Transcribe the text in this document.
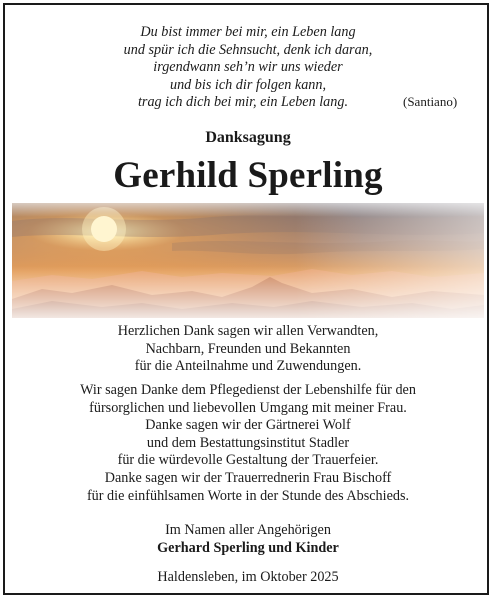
Du bist immer bei mir, ein Leben lang
und spür ich die Sehnsucht, denk ich daran,
irgendwann seh’n wir uns wieder
und bis ich dir folgen kann,
trag ich dich bei mir, ein Leben lang.	(Santiano)
Danksagung
Gerhild Sperling
Herzlichen Dank sagen wir allen Verwandten,
Nachbarn, Freunden und Bekannten
für die Anteilnahme und Zuwendungen.
Wir sagen Danke dem Pflegedienst der Lebenshilfe für den
fürsorglichen und liebevollen Umgang mit meiner Frau.
Danke sagen wir der Gärtnerei Wolf
und dem Bestattungsinstitut Stadler
für die würdevolle Gestaltung der Trauerfeier.
Danke sagen wir der Trauerrednerin Frau Bischoff
für die einfühlsamen Worte in der Stunde des Abschieds.
Im Namen aller Angehörigen
Gerhard Sperling und Kinder
Haldensleben, im Oktober 2025
